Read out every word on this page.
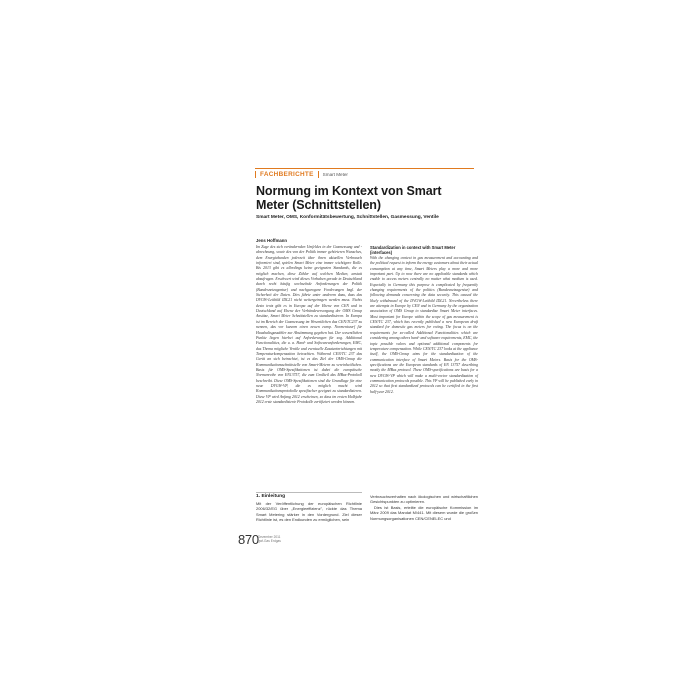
FACHBERICHTE Smart Meter
Normung im Kontext von Smart Meter (Schnittstellen)
Smart Meter, OMS, Konformitätsbewertung, Schnittstellen, Gasmessung, Ventile
Jens Hoffmann
Im Zuge des sich verändernden Umfeldes in der Gasmessung und -abrechnung, sowie des von der Politik immer gehörteren Wunsches, dem Energiekunden jederzeit über ihren aktuellen Verbrauch informiert sind, spielen Smart Meter eine immer wichtigere Rolle. Bis 2013 gibt es allerdings keine geeigneten Standards, die es möglich machen, diese Zähler auf welchen Medien, anstatt abzufragen. Erschwert wird dieses Vorhaben gerade in Deutschland durch recht häufig wechselnde Anforderungen der Politik (Bundesnetzagentur) und nachgezogene Forderungen bzgl. der Sicherheit der Daten. Dies führte unter anderem dazu, dass das DVGW-Leitbild IDL21 nicht weitergetragen werden muss. Nichts desto trotz gibt es in Europa auf der Ebene von CEN und in Deutschland auf Ebene der Verbändeversorgung der OMS Group Ansätze, Smart Meter Schnittstellen zu standardisieren. In Europa ist im Bereich der Gasmessung im Wesentlichen das CEN/TC237 zu nennen, das vor kurzem einen neuen europ. Normentwurf für Haushaltsgaszähler zur Abstimmung gegeben hat. Der wesentlichen Punkte liegen hierbei auf Anforderungen für sog. Additional Functionalities, die u. a. Hard- und Softwareanforderungen, EMC, das Thema mögliche Ventile und eventuelle Zusatzeinrichtungen mit Temperaturkompensation betrachten. Während CEN/TC 237 das Gerät an sich betrachtet, ist es das Ziel der OMS-Group die Kommunikationsschnittstelle von Smart-Metern zu vereinheitlichen. Basis für OMS-Spezifikationen ist dabei die europäische Normenreihe von EN13757, die zum Großteil das MBus-Protokoll beschreibt. Diese OMS-Spezifikationen sind die Grundlage für eine neue DVGW-VP, die es möglich macht wird Kommunikationsprotokolle spezifischer geeignet zu standardisieren. Diese VP wird Anfang 2012 erscheinen, so dass im ersten Halbjahr 2012 erste standardisierte Protokolle zertifiziert werden können.
Standardization in context with Smart Meter (interfaces)
With the changing context in gas measurement and accounting and the political request to inform the energy customers about their actual consumption at any time, Smart Meters play a more and more important part. Up to now there are no applicable standards which enable to access meters centrally no matter what medium is used. Especially in Germany this purpose is complicated by frequently changing requirements of the politics (Bundesnetzagentur) and following demands concerning the data security. This caused the likely withdrawal of the DVGW-Leitbild IDL21. Nevertheless there are attempts in Europe by CEN and in Germany by the organization association of OMS Group to standardize Smart Meter interfaces. Most important for Europe within the scope of gas measurement is CEN/TC 237, which has recently published a new European draft standard for domestic gas meters for voting. The focus is on the requirements for so-called Additional Functionalities which are considering among others hard- and software requirements, EMC, the topic possible valves and optional additional components for temperature compensation. While CEN/TC 237 looks at the appliance itself, the OMS-Group aims for the standardization of the communication interface of Smart Meters. Basis for the OMS-specifications are the European standards of EN 13757 describing mostly the MBus protocol. These OMS-specifications are basis for a new DVGW-VP which will make a multi-vector standardization of communication protocols possible. This VP will be published early in 2012 so that first standardized protocols can be certified in the first half-year 2012.
1. Einleitung
Mit der Veröffentlichung der europäischen Richtlinie 2006/32/EG über „Energieeffizienz", rückte das Thema Smart Metering stärker in den Vordergrund. Ziel dieser Richtlinie ist, es den Endkunden zu ermöglichen, sein

Verbrauchsverhalten nach ökologischen und wirtschaftlichen Gesichtspunkten zu optimieren.

Dies ist Basis, erteilte die europäische Kommission im März 2009 das Mandat M/441. Mit diesem wurde die großen Normungsorganisationen CEN/CENELEC und

870 Dezember 2011
gwf-Gas Erdgas
